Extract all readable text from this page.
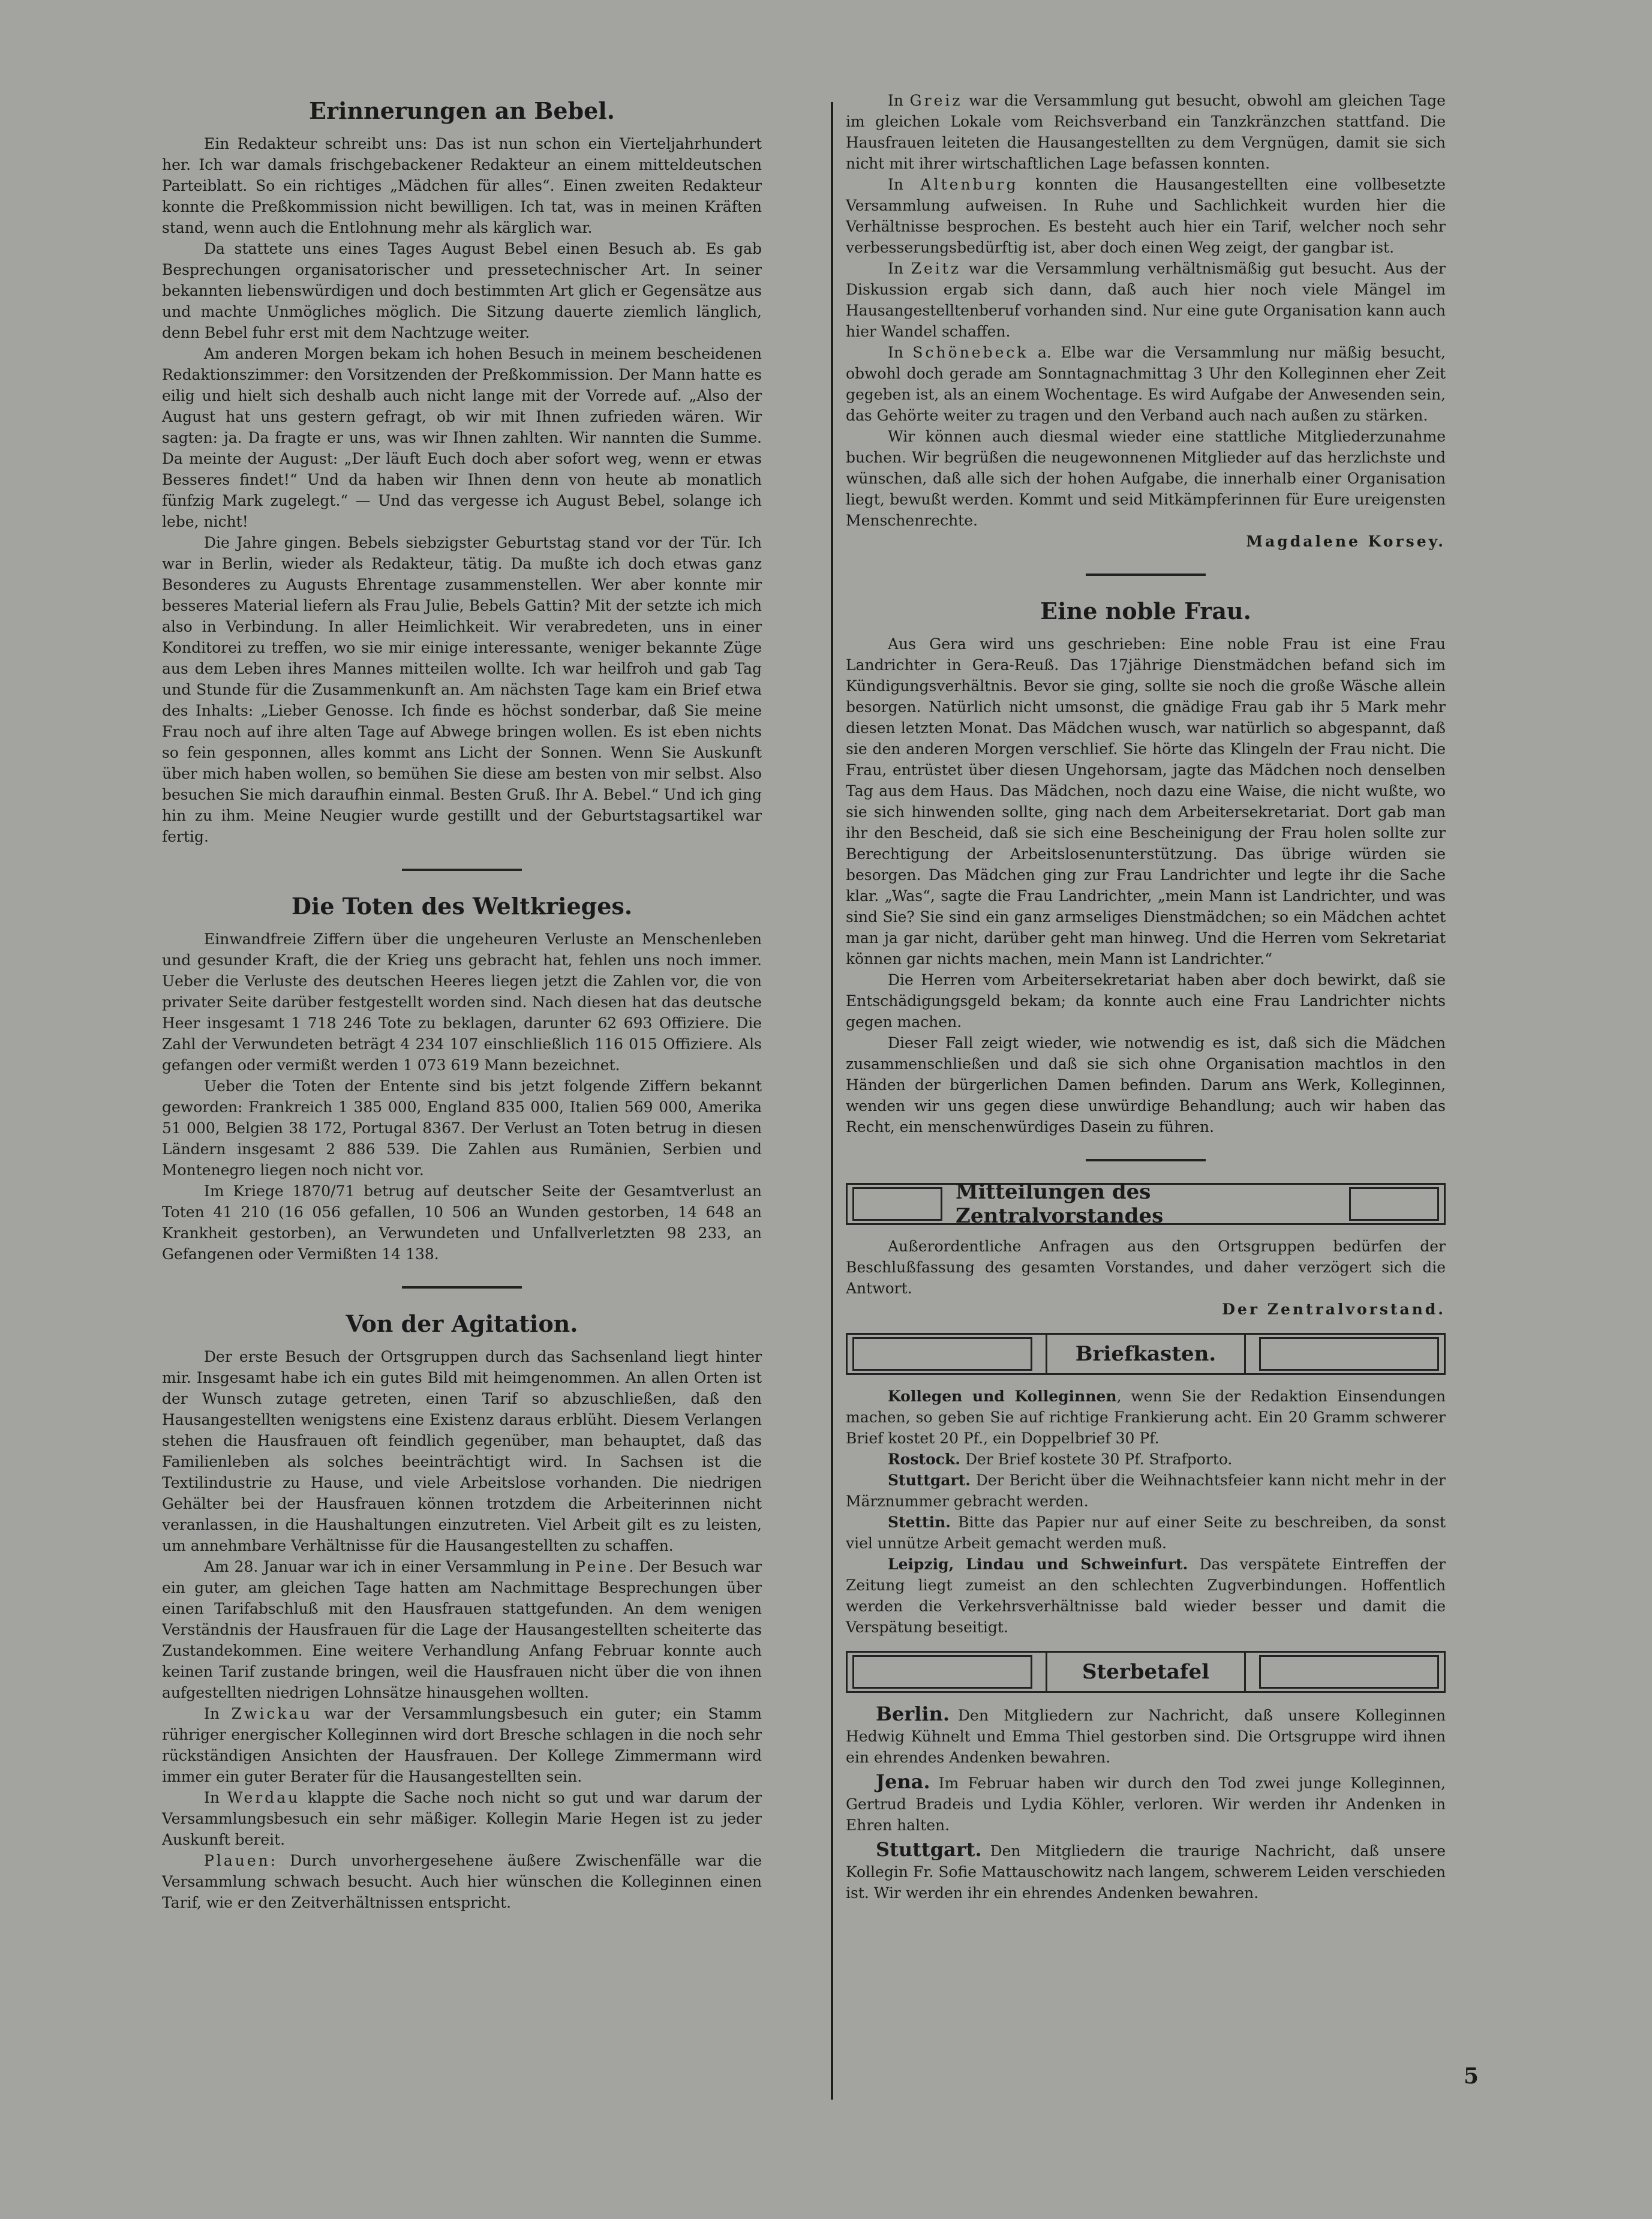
Erinnerungen an Bebel.

Ein Redakteur schreibt uns: Das ist nun schon ein Vierteljahrhundert her. Ich war damals frischgebackener Redakteur an einem mitteldeutschen Parteiblatt. So ein richtiges „Mädchen für alles“. Einen zweiten Redakteur konnte die Preßkommission nicht bewilligen. Ich tat, was in meinen Kräften stand, wenn auch die Entlohnung mehr als kärglich war.

Da stattete uns eines Tages August Bebel einen Besuch ab. Es gab Besprechungen organisatorischer und pressetechnischer Art. In seiner bekannten liebenswürdigen und doch bestimmten Art glich er Gegensätze aus und machte Unmögliches möglich. Die Sitzung dauerte ziemlich länglich, denn Bebel fuhr erst mit dem Nachtzuge weiter.

Am anderen Morgen bekam ich hohen Besuch in meinem bescheidenen Redaktionszimmer: den Vorsitzenden der Preßkommission. Der Mann hatte es eilig und hielt sich deshalb auch nicht lange mit der Vorrede auf. „Also der August hat uns gestern gefragt, ob wir mit Ihnen zufrieden wären. Wir sagten: ja. Da fragte er uns, was wir Ihnen zahlten. Wir nannten die Summe. Da meinte der August: „Der läuft Euch doch aber sofort weg, wenn er etwas Besseres findet!“ Und da haben wir Ihnen denn von heute ab monatlich fünfzig Mark zugelegt.“ — Und das vergesse ich August Bebel, solange ich lebe, nicht!

Die Jahre gingen. Bebels siebzigster Geburtstag stand vor der Tür. Ich war in Berlin, wieder als Redakteur, tätig. Da mußte ich doch etwas ganz Besonderes zu Augusts Ehrentage zusammenstellen. Wer aber konnte mir besseres Material liefern als Frau Julie, Bebels Gattin? Mit der setzte ich mich also in Verbindung. In aller Heimlichkeit. Wir verabredeten, uns in einer Konditorei zu treffen, wo sie mir einige interessante, weniger bekannte Züge aus dem Leben ihres Mannes mitteilen wollte. Ich war heilfroh und gab Tag und Stunde für die Zusammenkunft an. Am nächsten Tage kam ein Brief etwa des Inhalts: „Lieber Genosse. Ich finde es höchst sonderbar, daß Sie meine Frau noch auf ihre alten Tage auf Abwege bringen wollen. Es ist eben nichts so fein gesponnen, alles kommt ans Licht der Sonnen. Wenn Sie Auskunft über mich haben wollen, so bemühen Sie diese am besten von mir selbst. Also besuchen Sie mich daraufhin einmal. Besten Gruß. Ihr A. Bebel.“ Und ich ging hin zu ihm. Meine Neugier wurde gestillt und der Geburtstagsartikel war fertig.

Die Toten des Weltkrieges.

Einwandfreie Ziffern über die ungeheuren Verluste an Menschenleben und gesunder Kraft, die der Krieg uns gebracht hat, fehlen uns noch immer. Ueber die Verluste des deutschen Heeres liegen jetzt die Zahlen vor, die von privater Seite darüber festgestellt worden sind. Nach diesen hat das deutsche Heer insgesamt 1 718 246 Tote zu beklagen, darunter 62 693 Offiziere. Die Zahl der Verwundeten beträgt 4 234 107 einschließlich 116 015 Offiziere. Als gefangen oder vermißt werden 1 073 619 Mann bezeichnet.

Ueber die Toten der Entente sind bis jetzt folgende Ziffern bekannt geworden: Frankreich 1 385 000, England 835 000, Italien 569 000, Amerika 51 000, Belgien 38 172, Portugal 8367. Der Verlust an Toten betrug in diesen Ländern insgesamt 2 886 539. Die Zahlen aus Rumänien, Serbien und Montenegro liegen noch nicht vor.

Im Kriege 1870/71 betrug auf deutscher Seite der Gesamtverlust an Toten 41 210 (16 056 gefallen, 10 506 an Wunden gestorben, 14 648 an Krankheit gestorben), an Verwundeten und Unfallverletzten 98 233, an Gefangenen oder Vermißten 14 138.

Von der Agitation.

Der erste Besuch der Ortsgruppen durch das Sachsenland liegt hinter mir. Insgesamt habe ich ein gutes Bild mit heimgenommen. An allen Orten ist der Wunsch zutage getreten, einen Tarif so abzuschließen, daß den Hausangestellten wenigstens eine Existenz daraus erblüht. Diesem Verlangen stehen die Hausfrauen oft feindlich gegenüber, man behauptet, daß das Familienleben als solches beeinträchtigt wird. In Sachsen ist die Textilindustrie zu Hause, und viele Arbeitslose vorhanden. Die niedrigen Gehälter bei der Hausfrauen können trotzdem die Arbeiterinnen nicht veranlassen, in die Haushaltungen einzutreten. Viel Arbeit gilt es zu leisten, um annehmbare Verhältnisse für die Hausangestellten zu schaffen.

Am 28. Januar war ich in einer Versammlung in Peine. Der Besuch war ein guter, am gleichen Tage hatten am Nachmittage Besprechungen über einen Tarifabschluß mit den Hausfrauen stattgefunden. An dem wenigen Verständnis der Hausfrauen für die Lage der Hausangestellten scheiterte das Zustandekommen. Eine weitere Verhandlung Anfang Februar konnte auch keinen Tarif zustande bringen, weil die Hausfrauen nicht über die von ihnen aufgestellten niedrigen Lohnsätze hinausgehen wollten.

In Zwickau war der Versammlungsbesuch ein guter; ein Stamm rühriger energischer Kolleginnen wird dort Bresche schlagen in die noch sehr rückständigen Ansichten der Hausfrauen. Der Kollege Zimmermann wird immer ein guter Berater für die Hausangestellten sein.

In Werdau klappte die Sache noch nicht so gut und war darum der Versammlungsbesuch ein sehr mäßiger. Kollegin Marie Hegen ist zu jeder Auskunft bereit.

Plauen: Durch unvorhergesehene äußere Zwischenfälle war die Versammlung schwach besucht. Auch hier wünschen die Kolleginnen einen Tarif, wie er den Zeitverhältnissen entspricht.

In Greiz war die Versammlung gut besucht, obwohl am gleichen Tage im gleichen Lokale vom Reichsverband ein Tanzkränzchen stattfand. Die Hausfrauen leiteten die Hausangestellten zu dem Vergnügen, damit sie sich nicht mit ihrer wirtschaftlichen Lage befassen konnten.

In Altenburg konnten die Hausangestellten eine vollbesetzte Versammlung aufweisen. In Ruhe und Sachlichkeit wurden hier die Verhältnisse besprochen. Es besteht auch hier ein Tarif, welcher noch sehr verbesserungsbedürftig ist, aber doch einen Weg zeigt, der gangbar ist.

In Zeitz war die Versammlung verhältnismäßig gut besucht. Aus der Diskussion ergab sich dann, daß auch hier noch viele Mängel im Hausangestelltenberuf vorhanden sind. Nur eine gute Organisation kann auch hier Wandel schaffen.

In Schönebeck a. Elbe war die Versammlung nur mäßig besucht, obwohl doch gerade am Sonntagnachmittag 3 Uhr den Kolleginnen eher Zeit gegeben ist, als an einem Wochentage. Es wird Aufgabe der Anwesenden sein, das Gehörte weiter zu tragen und den Verband auch nach außen zu stärken.

Wir können auch diesmal wieder eine stattliche Mitgliederzunahme buchen. Wir begrüßen die neugewonnenen Mitglieder auf das herzlichste und wünschen, daß alle sich der hohen Aufgabe, die innerhalb einer Organisation liegt, bewußt werden. Kommt und seid Mitkämpferinnen für Eure ureigensten Menschenrechte.

Magdalene Korsey.

Eine noble Frau.

Aus Gera wird uns geschrieben: Eine noble Frau ist eine Frau Landrichter in Gera-Reuß. Das 17jährige Dienstmädchen befand sich im Kündigungsverhältnis. Bevor sie ging, sollte sie noch die große Wäsche allein besorgen. Natürlich nicht umsonst, die gnädige Frau gab ihr 5 Mark mehr diesen letzten Monat. Das Mädchen wusch, war natürlich so abgespannt, daß sie den anderen Morgen verschlief. Sie hörte das Klingeln der Frau nicht. Die Frau, entrüstet über diesen Ungehorsam, jagte das Mädchen noch denselben Tag aus dem Haus. Das Mädchen, noch dazu eine Waise, die nicht wußte, wo sie sich hinwenden sollte, ging nach dem Arbeitersekretariat. Dort gab man ihr den Bescheid, daß sie sich eine Bescheinigung der Frau holen sollte zur Berechtigung der Arbeitslosenunterstützung. Das übrige würden sie besorgen. Das Mädchen ging zur Frau Landrichter und legte ihr die Sache klar. „Was“, sagte die Frau Landrichter, „mein Mann ist Landrichter, und was sind Sie? Sie sind ein ganz armseliges Dienstmädchen; so ein Mädchen achtet man ja gar nicht, darüber geht man hinweg. Und die Herren vom Sekretariat können gar nichts machen, mein Mann ist Landrichter.“

Die Herren vom Arbeitersekretariat haben aber doch bewirkt, daß sie Entschädigungsgeld bekam; da konnte auch eine Frau Landrichter nichts gegen machen.

Dieser Fall zeigt wieder, wie notwendig es ist, daß sich die Mädchen zusammenschließen und daß sie sich ohne Organisation machtlos in den Händen der bürgerlichen Damen befinden. Darum ans Werk, Kolleginnen, wenden wir uns gegen diese unwürdige Behandlung; auch wir haben das Recht, ein menschenwürdiges Dasein zu führen.

Mitteilungen des Zentralvorstandes

Außerordentliche Anfragen aus den Ortsgruppen bedürfen der Beschlußfassung des gesamten Vorstandes, und daher verzögert sich die Antwort.

Der Zentralvorstand.

Briefkasten.

Kollegen und Kolleginnen, wenn Sie der Redaktion Einsendungen machen, so geben Sie auf richtige Frankierung acht. Ein 20 Gramm schwerer Brief kostet 20 Pf., ein Doppelbrief 30 Pf.

Rostock. Der Brief kostete 30 Pf. Strafporto.

Stuttgart. Der Bericht über die Weihnachtsfeier kann nicht mehr in der Märznummer gebracht werden.

Stettin. Bitte das Papier nur auf einer Seite zu beschreiben, da sonst viel unnütze Arbeit gemacht werden muß.

Leipzig, Lindau und Schweinfurt. Das verspätete Eintreffen der Zeitung liegt zumeist an den schlechten Zugverbindungen. Hoffentlich werden die Verkehrsverhältnisse bald wieder besser und damit die Verspätung beseitigt.

Sterbetafel
Berlin. Den Mitgliedern zur Nachricht, daß unsere Kolleginnen Hedwig Kühnelt und Emma Thiel gestorben sind. Die Ortsgruppe wird ihnen ein ehrendes Andenken bewahren.
Jena. Im Februar haben wir durch den Tod zwei junge Kolleginnen, Gertrud Bradeis und Lydia Köhler, verloren. Wir werden ihr Andenken in Ehren halten.
Stuttgart. Den Mitgliedern die traurige Nachricht, daß unsere Kollegin Fr. Sofie Mattauschowitz nach langem, schwerem Leiden verschieden ist. Wir werden ihr ein ehrendes Andenken bewahren.
5
